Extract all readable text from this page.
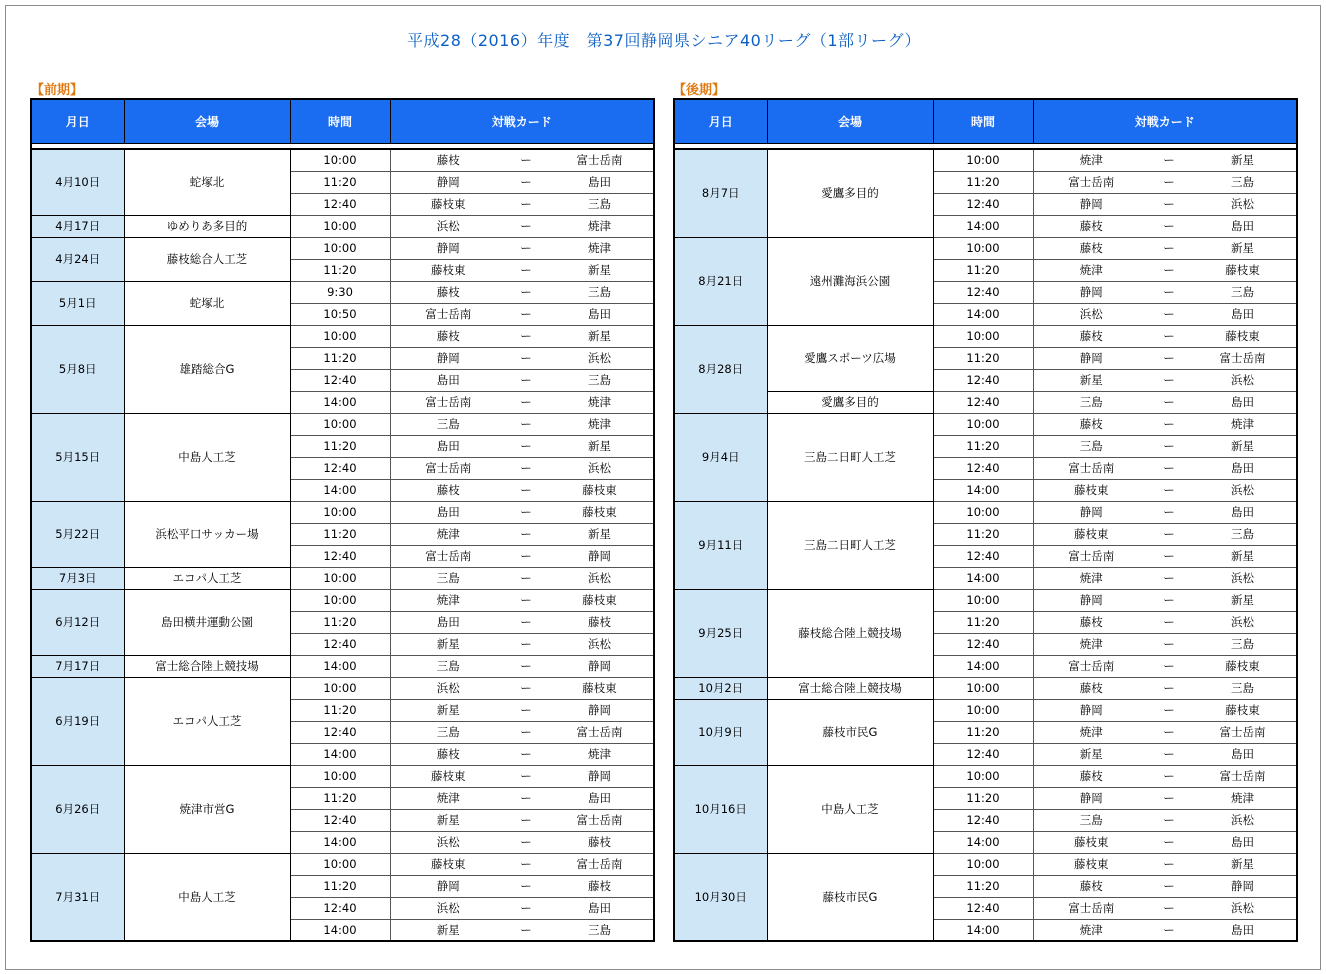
平成28（2016）年度　第37回静岡県シニア40リーグ（1部リーグ）
【前期】	【後期】
月日	会場	時間	対戦カード		

4月10日	蛇塚北	10:00	藤枝	ー	富士岳南
		11:20	静岡	ー	島田
		12:40	藤枝東	ー	三島
4月17日	ゆめりあ多目的	10:00	浜松	ー	焼津
4月24日	藤枝総合人工芝	10:00	静岡	ー	焼津
		11:20	藤枝東	ー	新星
5月1日	蛇塚北	9:30	藤枝	ー	三島
		10:50	富士岳南	ー	島田
5月8日	雄踏総合G	10:00	藤枝	ー	新星
		11:20	静岡	ー	浜松
		12:40	島田	ー	三島
		14:00	富士岳南	ー	焼津
5月15日	中島人工芝	10:00	三島	ー	焼津
		11:20	島田	ー	新星
		12:40	富士岳南	ー	浜松
		14:00	藤枝	ー	藤枝東
5月22日	浜松平口サッカー場	10:00	島田	ー	藤枝東
		11:20	焼津	ー	新星
		12:40	富士岳南	ー	静岡
7月3日	エコパ人工芝	10:00	三島	ー	浜松
6月12日	島田横井運動公園	10:00	焼津	ー	藤枝東
		11:20	島田	ー	藤枝
		12:40	新星	ー	浜松
7月17日	富士総合陸上競技場	14:00	三島	ー	静岡
6月19日	エコパ人工芝	10:00	浜松	ー	藤枝東
		11:20	新星	ー	静岡
		12:40	三島	ー	富士岳南
		14:00	藤枝	ー	焼津
6月26日	焼津市営G	10:00	藤枝東	ー	静岡
		11:20	焼津	ー	島田
		12:40	新星	ー	富士岳南
		14:00	浜松	ー	藤枝
7月31日	中島人工芝	10:00	藤枝東	ー	富士岳南
		11:20	静岡	ー	藤枝
		12:40	浜松	ー	島田
		14:00	新星	ー	三島
月日	会場	時間	対戦カード		

8月7日	愛鷹多目的	10:00	焼津	ー	新星
		11:20	富士岳南	ー	三島
		12:40	静岡	ー	浜松
		14:00	藤枝	ー	島田
8月21日	遠州灘海浜公園	10:00	藤枝	ー	新星
		11:20	焼津	ー	藤枝東
		12:40	静岡	ー	三島
		14:00	浜松	ー	島田
8月28日	愛鷹スポーツ広場	10:00	藤枝	ー	藤枝東
		11:20	静岡	ー	富士岳南
		12:40	新星	ー	浜松
	愛鷹多目的	12:40	三島	ー	島田
9月4日	三島二日町人工芝	10:00	藤枝	ー	焼津
		11:20	三島	ー	新星
		12:40	富士岳南	ー	島田
		14:00	藤枝東	ー	浜松
9月11日	三島二日町人工芝	10:00	静岡	ー	島田
		11:20	藤枝東	ー	三島
		12:40	富士岳南	ー	新星
		14:00	焼津	ー	浜松
9月25日	藤枝総合陸上競技場	10:00	静岡	ー	新星
		11:20	藤枝	ー	浜松
		12:40	焼津	ー	三島
		14:00	富士岳南	ー	藤枝東
10月2日	富士総合陸上競技場	10:00	藤枝	ー	三島
10月9日	藤枝市民G	10:00	静岡	ー	藤枝東
		11:20	焼津	ー	富士岳南
		12:40	新星	ー	島田
10月16日	中島人工芝	10:00	藤枝	ー	富士岳南
		11:20	静岡	ー	焼津
		12:40	三島	ー	浜松
		14:00	藤枝東	ー	島田
10月30日	藤枝市民G	10:00	藤枝東	ー	新星
		11:20	藤枝	ー	静岡
		12:40	富士岳南	ー	浜松
		14:00	焼津	ー	島田
